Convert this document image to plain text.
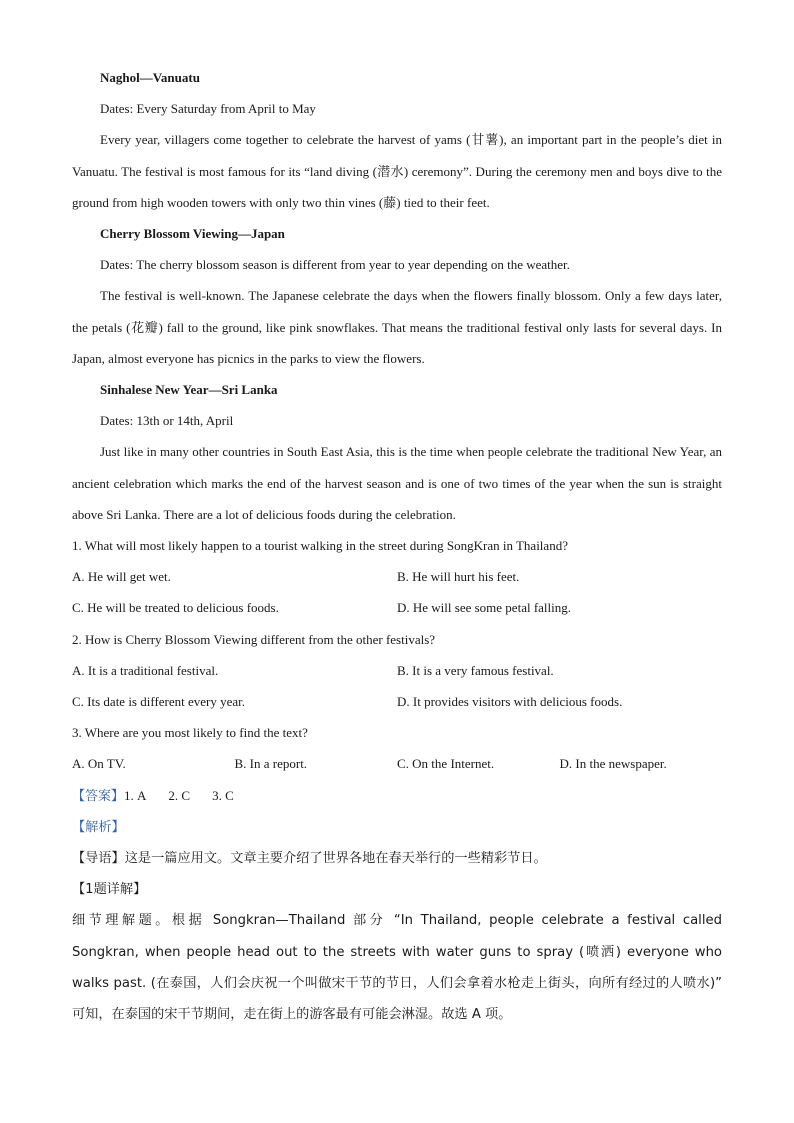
Naghol—Vanuatu

Dates: Every Saturday from April to May

Every year, villagers come together to celebrate the harvest of yams (甘薯), an important part in the people’s diet in Vanuatu. The festival is most famous for its “land diving (潜水) ceremony”. During the ceremony men and boys dive to the ground from high wooden towers with only two thin vines (藤) tied to their feet.

Cherry Blossom Viewing—Japan

Dates: The cherry blossom season is different from year to year depending on the weather.

The festival is well-known. The Japanese celebrate the days when the flowers finally blossom. Only a few days later, the petals (花瓣) fall to the ground, like pink snowflakes. That means the traditional festival only lasts for several days. In Japan, almost everyone has picnics in the parks to view the flowers.

Sinhalese New Year—Sri Lanka

Dates: 13th or 14th, April

Just like in many other countries in South East Asia, this is the time when people celebrate the traditional New Year, an ancient celebration which marks the end of the harvest season and is one of two times of the year when the sun is straight above Sri Lanka. There are a lot of delicious foods during the celebration.

1. What will most likely happen to a tourist walking in the street during SongKran in Thailand?

A. He will get wet.	B. He will hurt his feet.
C. He will be treated to delicious foods.	D. He will see some petal falling.

2. How is Cherry Blossom Viewing different from the other festivals?

A. It is a traditional festival.	B. It is a very famous festival.
C. Its date is different every year.	D. It provides visitors with delicious foods.

3. Where are you most likely to find the text?

A. On TV.	B. In a report.	C. On the Internet.	D. In the newspaper.
【答案】1. A 2. C 3. C

【解析】

【导语】这是一篇应用文。文章主要介绍了世界各地在春天举行的一些精彩节日。

【1题详解】

细节理解题。根据 Songkran—Thailand 部分 “In Thailand, people celebrate a festival called Songkran, when people head out to the streets with water guns to spray (喷洒) everyone who walks past. (在泰国，人们会庆祝一个叫做宋干节的节日，人们会拿着水枪走上街头，向所有经过的人喷水)” 可知，在泰国的宋干节期间，走在街上的游客最有可能会淋湿。故选 A 项。
